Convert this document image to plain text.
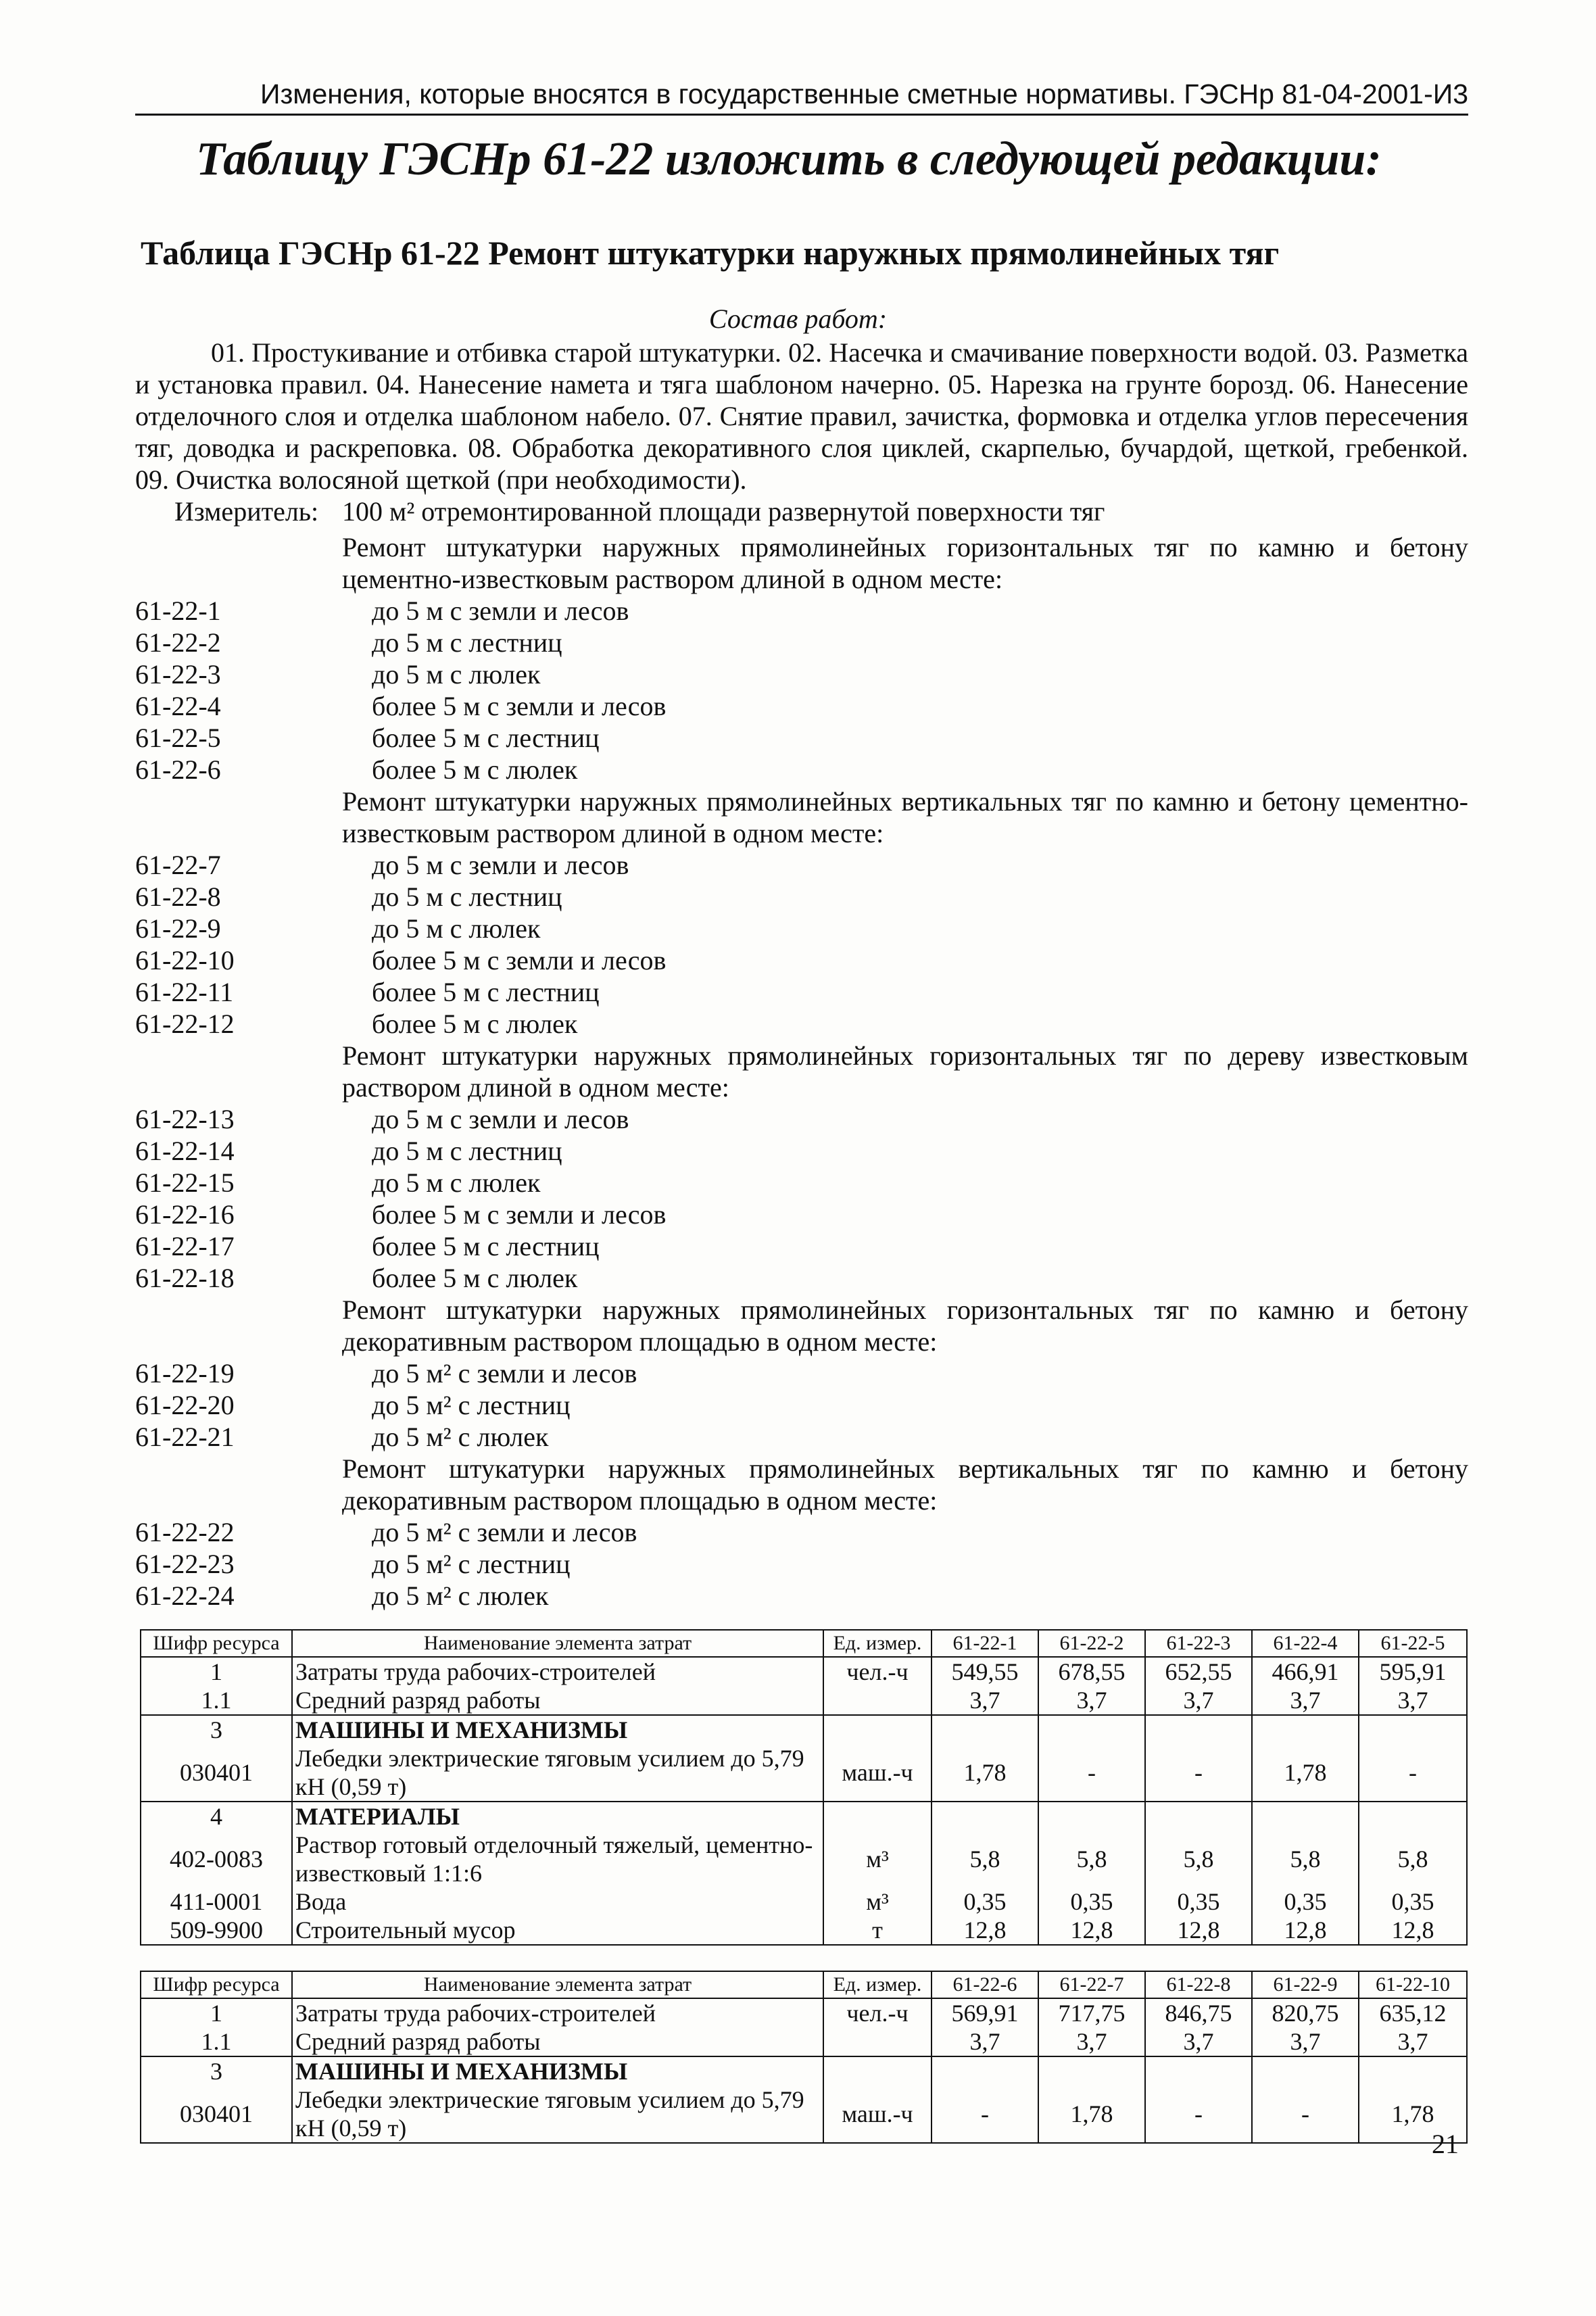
Изменения, которые вносятся в государственные сметные нормативы. ГЭСНр 81-04-2001-И3
Таблицу ГЭСНр 61-22 изложить в следующей редакции:
Таблица ГЭСНр 61-22 Ремонт штукатурки наружных прямолинейных тяг
Состав работ:
01. Простукивание и отбивка старой штукатурки. 02. Насечка и смачивание поверхности водой. 03. Разметка и установка правил. 04. Нанесение намета и тяга шаблоном начерно. 05. Нарезка на грунте борозд. 06. Нанесение отделочного слоя и отделка шаблоном набело. 07. Снятие правил, зачистка, формовка и отделка углов пересечения тяг, доводка и раскреповка. 08. Обработка декоративного слоя циклей, скарпелью, бучардой, щеткой, гребенкой. 09. Очистка волосяной щеткой (при необходимости).
Измеритель: 100 м² отремонтированной площади развернутой поверхности тяг
Ремонт штукатурки наружных прямолинейных горизонтальных тяг по камню и бетону цементно-известковым раствором длиной в одном месте:
61-22-1	до 5 м с земли и лесов
61-22-2	до 5 м с лестниц
61-22-3	до 5 м с люлек
61-22-4	более 5 м с земли и лесов
61-22-5	более 5 м с лестниц
61-22-6	более 5 м с люлек
Ремонт штукатурки наружных прямолинейных вертикальных тяг по камню и бетону цементно-известковым раствором длиной в одном месте:
61-22-7	до 5 м с земли и лесов
61-22-8	до 5 м с лестниц
61-22-9	до 5 м с люлек
61-22-10	более 5 м с земли и лесов
61-22-11	более 5 м с лестниц
61-22-12	более 5 м с люлек
Ремонт штукатурки наружных прямолинейных горизонтальных тяг по дереву известковым раствором длиной в одном месте:
61-22-13	до 5 м с земли и лесов
61-22-14	до 5 м с лестниц
61-22-15	до 5 м с люлек
61-22-16	более 5 м с земли и лесов
61-22-17	более 5 м с лестниц
61-22-18	более 5 м с люлек
Ремонт штукатурки наружных прямолинейных горизонтальных тяг по камню и бетону декоративным раствором площадью в одном месте:
61-22-19	до 5 м² с земли и лесов
61-22-20	до 5 м² с лестниц
61-22-21	до 5 м² с люлек
Ремонт штукатурки наружных прямолинейных вертикальных тяг по камню и бетону декоративным раствором площадью в одном месте:
61-22-22	до 5 м² с земли и лесов
61-22-23	до 5 м² с лестниц
61-22-24	до 5 м² с люлек
Шифр ресурса	Наименование элемента затрат	Ед. измер.	61-22-1	61-22-2	61-22-3	61-22-4	61-22-5
1	Затраты труда рабочих-строителей	чел.-ч	549,55	678,55	652,55	466,91	595,91
1.1	Средний разряд работы		3,7	3,7	3,7	3,7	3,7
3	МАШИНЫ И МЕХАНИЗМЫ						
030401	Лебедки электрические тяговым усилием до 5,79 кН (0,59 т)	маш.-ч	1,78	-	-	1,78	-
4	МАТЕРИАЛЫ						
402-0083	Раствор готовый отделочный тяжелый, цементно-известковый 1:1:6	м³	5,8	5,8	5,8	5,8	5,8
411-0001	Вода	м³	0,35	0,35	0,35	0,35	0,35
509-9900	Строительный мусор	т	12,8	12,8	12,8	12,8	12,8
Шифр ресурса	Наименование элемента затрат	Ед. измер.	61-22-6	61-22-7	61-22-8	61-22-9	61-22-10
1	Затраты труда рабочих-строителей	чел.-ч	569,91	717,75	846,75	820,75	635,12
1.1	Средний разряд работы		3,7	3,7	3,7	3,7	3,7
3	МАШИНЫ И МЕХАНИЗМЫ						
030401	Лебедки электрические тяговым усилием до 5,79 кН (0,59 т)	маш.-ч	-	1,78	-	-	1,78
21
